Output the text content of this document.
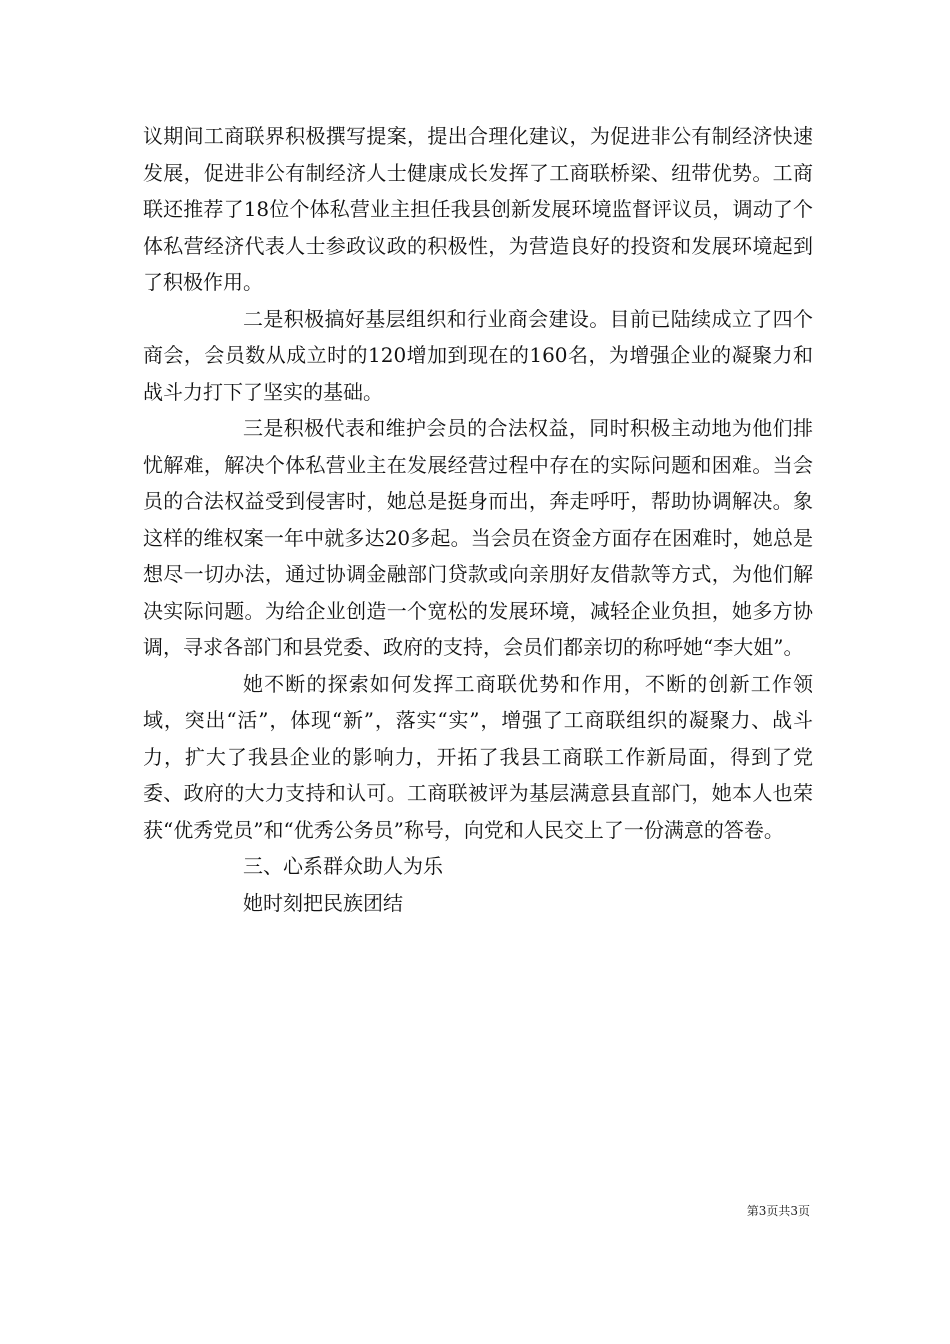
议期间工商联界积极撰写提案，提出合理化建议，为促进非公有制经济快速发展，促进非公有制经济人士健康成长发挥了工商联桥梁、纽带优势。工商联还推荐了18位个体私营业主担任我县创新发展环境监督评议员，调动了个体私营经济代表人士参政议政的积极性，为营造良好的投资和发展环境起到了积极作用。

二是积极搞好基层组织和行业商会建设。目前已陆续成立了四个商会，会员数从成立时的120增加到现在的160名，为增强企业的凝聚力和战斗力打下了坚实的基础。

三是积极代表和维护会员的合法权益，同时积极主动地为他们排忧解难，解决个体私营业主在发展经营过程中存在的实际问题和困难。当会员的合法权益受到侵害时，她总是挺身而出，奔走呼吁，帮助协调解决。象这样的维权案一年中就多达20多起。当会员在资金方面存在困难时，她总是想尽一切办法，通过协调金融部门贷款或向亲朋好友借款等方式，为他们解决实际问题。为给企业创造一个宽松的发展环境，减轻企业负担，她多方协调，寻求各部门和县党委、政府的支持，会员们都亲切的称呼她“李大姐”。

她不断的探索如何发挥工商联优势和作用，不断的创新工作领域，突出“活”，体现“新”，落实“实”，增强了工商联组织的凝聚力、战斗力，扩大了我县企业的影响力，开拓了我县工商联工作新局面，得到了党委、政府的大力支持和认可。工商联被评为基层满意县直部门，她本人也荣获“优秀党员”和“优秀公务员”称号，向党和人民交上了一份满意的答卷。

三、心系群众助人为乐

她时刻把民族团结

第3页共3页
